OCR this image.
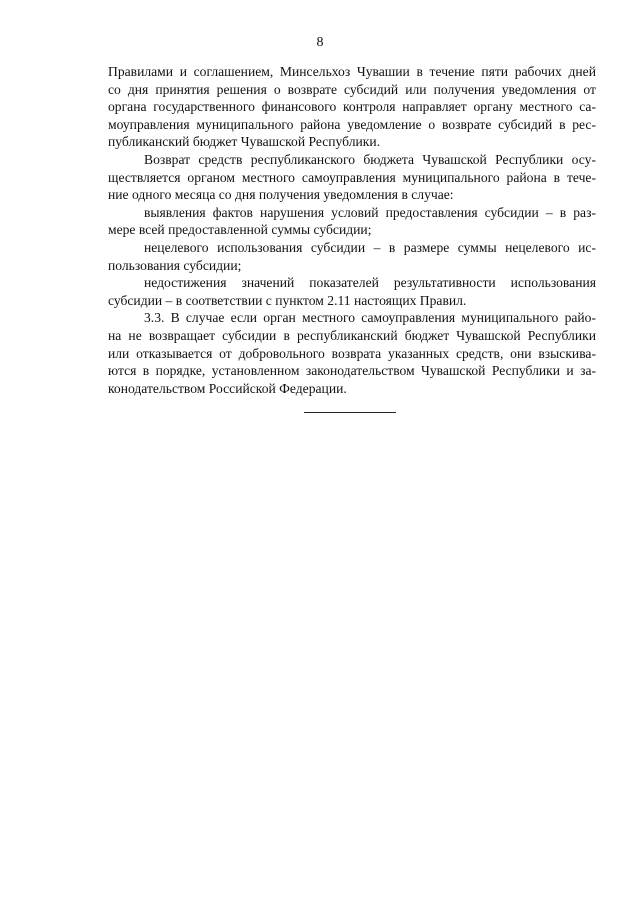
8
Правилами и соглашением, Минсельхоз Чувашии в течение пяти рабочих дней
со дня принятия решения о возврате субсидий или получения уведомления от
органа государственного финансового контроля направляет органу местного са-
моуправления муниципального района уведомление о возврате субсидий в рес-
публиканский бюджет Чувашской Республики.
Возврат средств республиканского бюджета Чувашской Республики осу-
ществляется органом местного самоуправления муниципального района в тече-
ние одного месяца со дня получения уведомления в случае:
выявления фактов нарушения условий предоставления субсидии – в раз-
мере всей предоставленной суммы субсидии;
нецелевого использования субсидии – в размере суммы нецелевого ис-
пользования субсидии;
недостижения значений показателей результативности использования
субсидии – в соответствии с пунктом 2.11 настоящих Правил.
3.3. В случае если орган местного самоуправления муниципального райо-
на не возвращает субсидии в республиканский бюджет Чувашской Республики
или отказывается от добровольного возврата указанных средств, они взыскива-
ются в порядке, установленном законодательством Чувашской Республики и за-
конодательством Российской Федерации.
